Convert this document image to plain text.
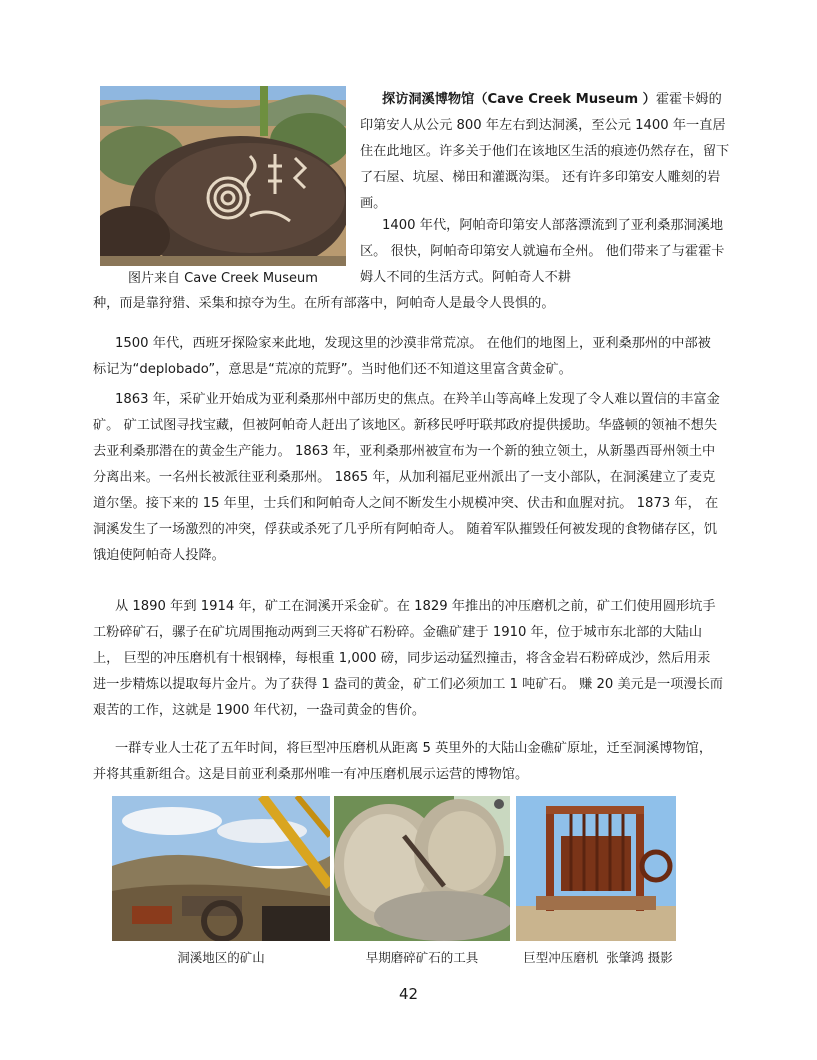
图片来自 Cave Creek Museum

探访洞溪博物馆（Cave Creek Museum ）霍霍卡姆的印第安人从公元 800 年左右到达洞溪，至公元 1400 年一直居住在此地区。许多关于他们在该地区生活的痕迹仍然存在，留下了石屋、坑屋、梯田和灌溉沟渠。 还有许多印第安人雕刻的岩画。

1400 年代，阿帕奇印第安人部落漂流到了亚利桑那洞溪地区。 很快，阿帕奇印第安人就遍布全州。 他们带来了与霍霍卡姆人不同的生活方式。阿帕奇人不耕

种，而是靠狩猎、采集和掠夺为生。在所有部落中，阿帕奇人是最令人畏惧的。

1500 年代，西班牙探险家来此地，发现这里的沙漠非常荒凉。 在他们的地图上，亚利桑那州的中部被标记为“deplobado”，意思是“荒凉的荒野”。当时他们还不知道这里富含黄金矿。

1863 年，采矿业开始成为亚利桑那州中部历史的焦点。在羚羊山等高峰上发现了令人难以置信的丰富金矿。 矿工试图寻找宝藏，但被阿帕奇人赶出了该地区。新移民呼吁联邦政府提供援助。华盛顿的领袖不想失去亚利桑那潜在的黄金生产能力。 1863 年，亚利桑那州被宣布为一个新的独立领土，从新墨西哥州领土中分离出来。一名州长被派往亚利桑那州。 1865 年，从加利福尼亚州派出了一支小部队，在洞溪建立了麦克道尔堡。接下来的 15 年里，士兵们和阿帕奇人之间不断发生小规模冲突、伏击和血腥对抗。 1873 年， 在洞溪发生了一场激烈的冲突，俘获或杀死了几乎所有阿帕奇人。 随着军队摧毁任何被发现的食物储存区，饥饿迫使阿帕奇人投降。

从 1890 年到 1914 年，矿工在洞溪开采金矿。在 1829 年推出的冲压磨机之前，矿工们使用圆形坑手工粉碎矿石，骡子在矿坑周围拖动两到三天将矿石粉碎。金礁矿建于 1910 年，位于城市东北部的大陆山上， 巨型的冲压磨机有十根钢棒，每根重 1,000 磅，同步运动猛烈撞击，将含金岩石粉碎成沙，然后用汞进一步精炼以提取每片金片。为了获得 1 盎司的黄金，矿工们必须加工 1 吨矿石。 赚 20 美元是一项漫长而艰苦的工作，这就是 1900 年代初，一盎司黄金的售价。

一群专业人士花了五年时间，将巨型冲压磨机从距离 5 英里外的大陆山金礁矿原址，迁至洞溪博物馆，并将其重新组合。这是目前亚利桑那州唯一有冲压磨机展示运营的博物馆。

洞溪地区的矿山	早期磨碎矿石的工具	巨型冲压磨机  张肇鸿 摄影
42
